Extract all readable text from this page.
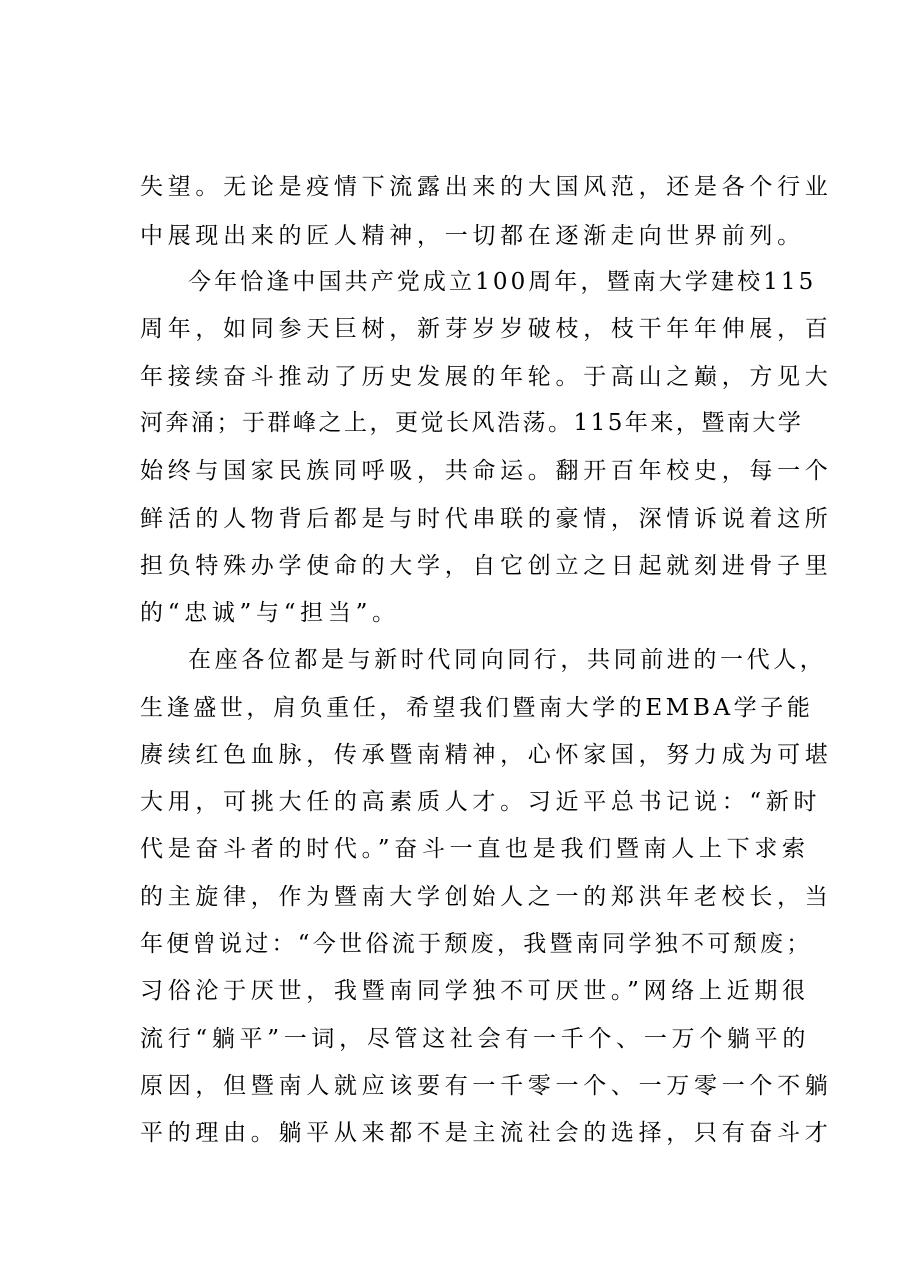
失望。无论是疫情下流露出来的大国风范，还是各个行业
中展现出来的匠人精神，一切都在逐渐走向世界前列。
今年恰逢中国共产党成立100周年，暨南大学建校115
周年，如同参天巨树，新芽岁岁破枝，枝干年年伸展，百
年接续奋斗推动了历史发展的年轮。于高山之巅，方见大
河奔涌；于群峰之上，更觉长风浩荡。115年来，暨南大学
始终与国家民族同呼吸，共命运。翻开百年校史，每一个
鲜活的人物背后都是与时代串联的豪情，深情诉说着这所
担负特殊办学使命的大学，自它创立之日起就刻进骨子里
的“忠诚”与“担当”。
在座各位都是与新时代同向同行，共同前进的一代人，
生逢盛世，肩负重任，希望我们暨南大学的EMBA学子能
赓续红色血脉，传承暨南精神，心怀家国，努力成为可堪
大用，可挑大任的高素质人才。习近平总书记说：“新时
代是奋斗者的时代。”奋斗一直也是我们暨南人上下求索
的主旋律，作为暨南大学创始人之一的郑洪年老校长，当
年便曾说过：“今世俗流于颓废，我暨南同学独不可颓废；
习俗沦于厌世，我暨南同学独不可厌世。”网络上近期很
流行“躺平”一词，尽管这社会有一千个、一万个躺平的
原因，但暨南人就应该要有一千零一个、一万零一个不躺
平的理由。躺平从来都不是主流社会的选择，只有奋斗才
